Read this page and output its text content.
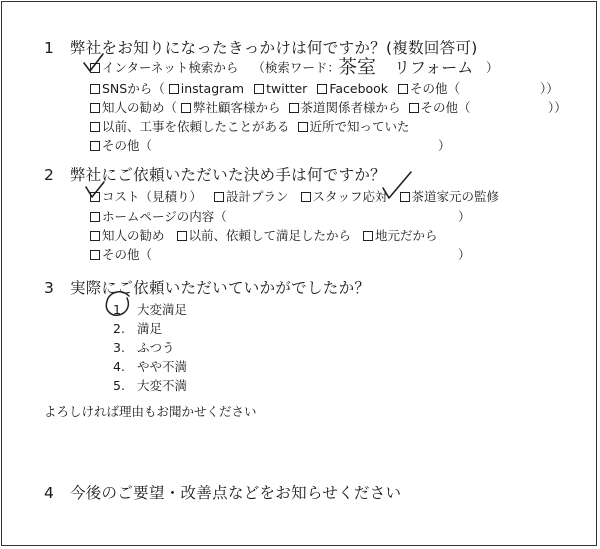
1　弊社をお知りになったきっかけは何ですか？(複数回答可)
インターネット検索から （検索ワード：
茶室 リフォーム ）
SNSから（ instagram twitter Facebook その他（	））
知人の勧め（ 弊社顧客様から 茶道関係者様から その他（	））
以前、工事を依頼したことがある 近所で知っていた
その他（	）
2　弊社にご依頼いただいた決め手は何ですか？
コスト（見積り） 設計プラン スタッフ応対 茶道家元の監修
ホームページの内容（	）
知人の勧め 以前、依頼して満足したから 地元だから
その他（	）
3　実際にご依頼いただいていかがでしたか？
1. 大変満足
2. 満足
3. ふつう
4. やや不満
5. 大変不満
よろしければ理由もお聞かせください
4　今後のご要望・改善点などをお知らせください
